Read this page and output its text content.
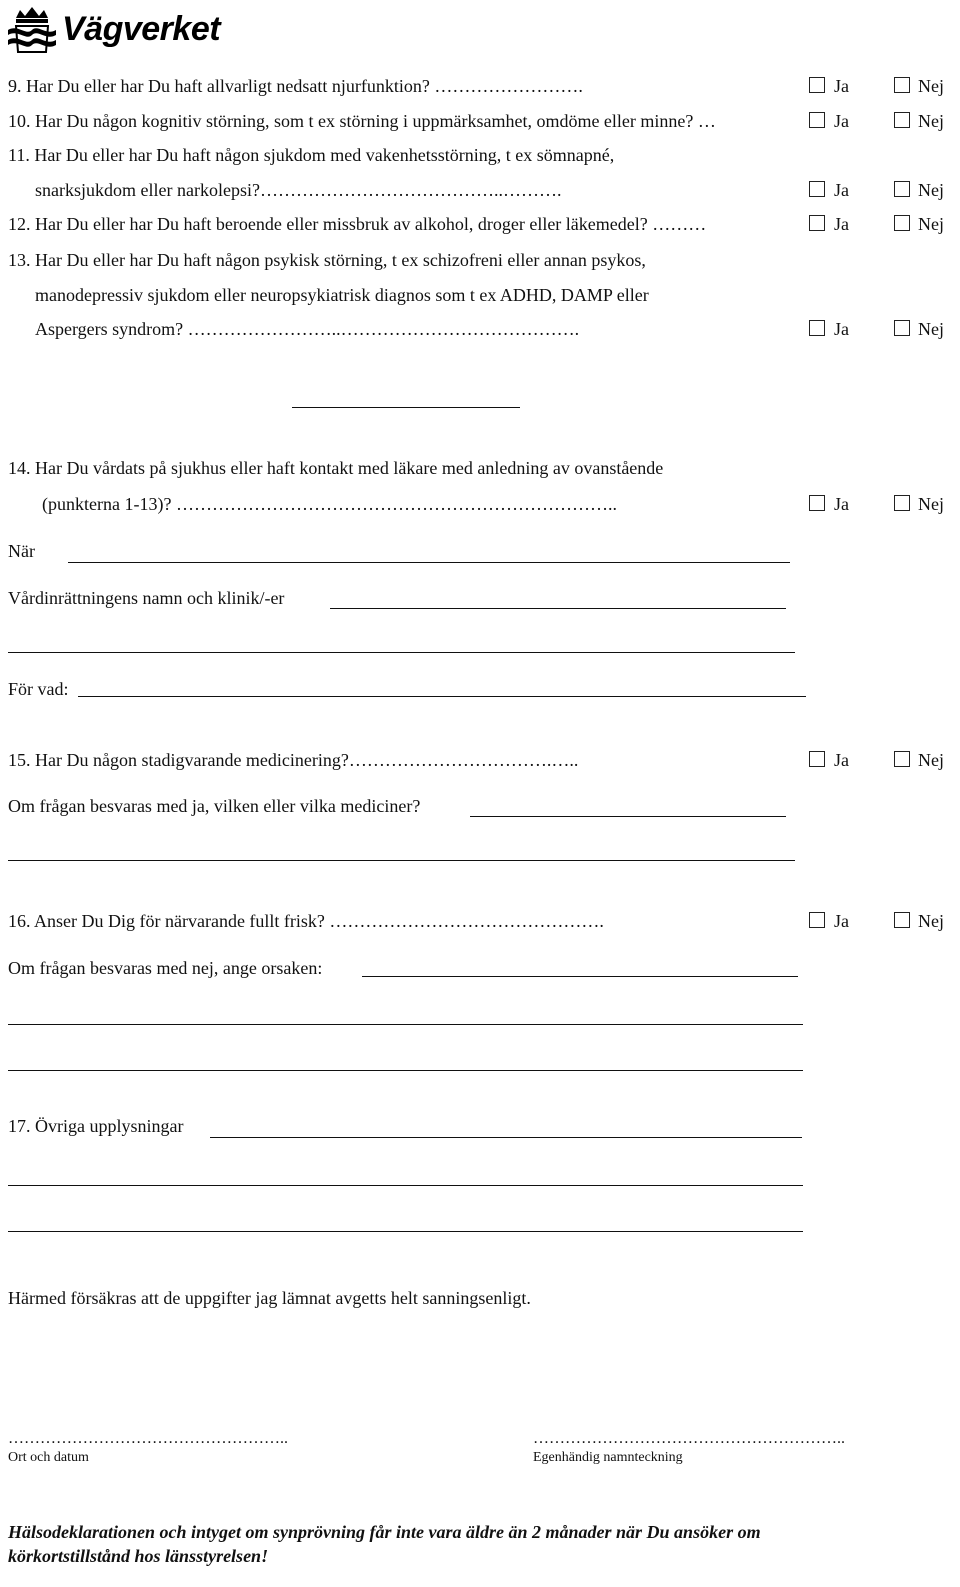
Vägverket
9. Har Du eller har Du haft allvarligt nedsatt njurfunktion? …………………….	Ja	Nej
10. Har Du någon kognitiv störning, som t ex störning i uppmärksamhet, omdöme eller minne? …	Ja	Nej
11. Har Du eller har Du haft någon sjukdom med vakenhetsstörning, t ex sömnapné,
snarksjukdom eller narkolepsi?…………………………………..……….	Ja	Nej
12. Har Du eller har Du haft beroende eller missbruk av alkohol, droger eller läkemedel? ………	Ja	Nej
13. Har Du eller har Du haft någon psykisk störning, t ex schizofreni eller annan psykos,
manodepressiv sjukdom eller neuropsykiatrisk diagnos som t ex ADHD, DAMP eller
Aspergers syndrom? ……………………..………………………………….	Ja	Nej
14. Har Du vårdats på sjukhus eller haft kontakt med läkare med anledning av ovanstående
(punkterna 1-13)? ………………………………………………………………..	Ja	Nej
När
Vårdinrättningens namn och klinik/-er
För vad:
15. Har Du någon stadigvarande medicinering?…………………………….…..	Ja	Nej
Om frågan besvaras med ja, vilken eller vilka mediciner?
16. Anser Du Dig för närvarande fullt frisk? ……………………………………….	Ja	Nej
Om frågan besvaras med nej, ange orsaken:
17. Övriga upplysningar
Härmed försäkras att de uppgifter jag lämnat avgetts helt sanningsenligt.
……………………………………………..
Ort och datum
…………………………………………………..
Egenhändig namnteckning
Hälsodeklarationen och intyget om synprövning får inte vara äldre än 2 månader när Du ansöker om
körkortstillstånd hos länsstyrelsen!
